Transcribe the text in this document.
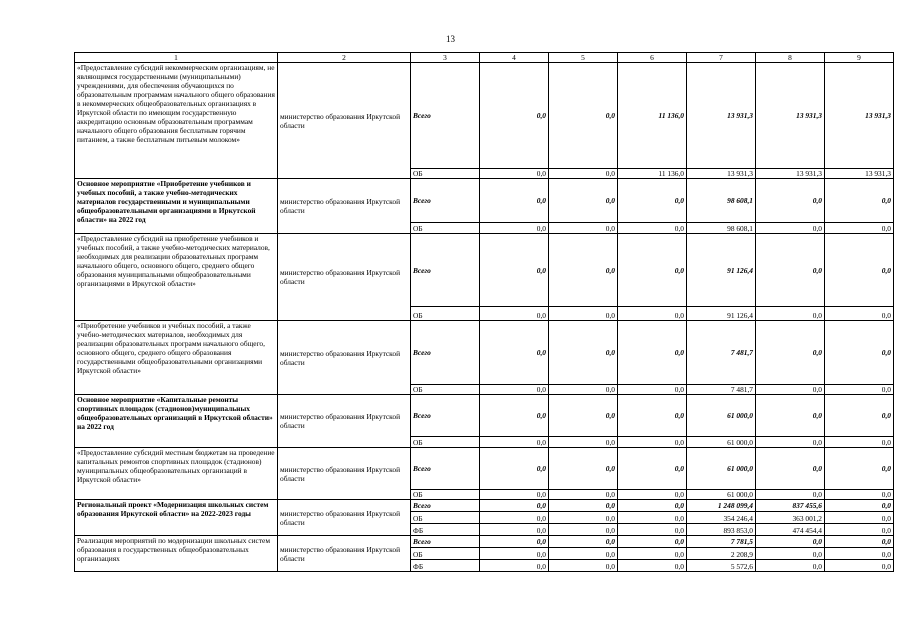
13
1	2	3	4	5	6	7	8	9
«Предоставление субсидий некоммерческим организациям, не являющимся государственными (муниципальными) учреждениями, для обеспечения обучающихся по образовательным программам начального общего образования в некоммерческих общеобразовательных организациях в Иркутской области по имеющим государственную аккредитацию основным образовательным программам начального общего образования бесплатным горячим питанием, а также бесплатным питьевым молоком»	министерство образования Иркутской области	Всего	0,0	0,0	11 136,0	13 931,3	13 931,3	13 931,3
		ОБ	0,0	0,0	11 136,0	13 931,3	13 931,3	13 931,3
Основное мероприятие «Приобретение учебников и учебных пособий, а также учебно-методических материалов государственными и муниципальными общеобразовательными организациями в Иркутской области» на 2022 год	министерство образования Иркутской области	Всего	0,0	0,0	0,0	98 608,1	0,0	0,0
		ОБ	0,0	0,0	0,0	98 608,1	0,0	0,0
«Предоставление субсидий на приобретение учебников и учебных пособий, а также учебно-методических материалов, необходимых для реализации образовательных программ начального общего, основного общего, среднего общего образования муниципальными общеобразовательными организациями в Иркутской области»	министерство образования Иркутской области	Всего	0,0	0,0	0,0	91 126,4	0,0	0,0
		ОБ	0,0	0,0	0,0	91 126,4	0,0	0,0
«Приобретение учебников и учебных пособий, а также учебно-методических материалов, необходимых для реализации образовательных программ начального общего, основного общего, среднего общего образования государственными общеобразовательными организациями Иркутской области»	министерство образования Иркутской области	Всего	0,0	0,0	0,0	7 481,7	0,0	0,0
		ОБ	0,0	0,0	0,0	7 481,7	0,0	0,0
Основное мероприятие «Капитальные ремонты спортивных площадок (стадионов)муниципальных общеобразовательных организаций в Иркутской области» на 2022 год	министерство образования Иркутской области	Всего	0,0	0,0	0,0	61 000,0	0,0	0,0
		ОБ	0,0	0,0	0,0	61 000,0	0,0	0,0
«Предоставление субсидий местным бюджетам на проведение капитальных ремонтов спортивных площадок (стадионов) муниципальных общеобразовательных организаций в Иркутской области»	министерство образования Иркутской области	Всего	0,0	0,0	0,0	61 000,0	0,0	0,0
		ОБ	0,0	0,0	0,0	61 000,0	0,0	0,0
Региональный проект «Модернизация школьных систем образования Иркутской области» на 2022-2023 годы	министерство образования Иркутской области	Всего	0,0	0,0	0,0	1 248 099,4	837 455,6	0,0
		ОБ	0,0	0,0	0,0	354 246,4	363 001,2	0,0
		ФБ	0,0	0,0	0,0	893 853,0	474 454,4	0,0
Реализация мероприятий по модернизации школьных систем образования в государственных общеобразовательных организациях	министерство образования Иркутской области	Всего	0,0	0,0	0,0	7 781,5	0,0	0,0
		ОБ	0,0	0,0	0,0	2 208,9	0,0	0,0
		ФБ	0,0	0,0	0,0	5 572,6	0,0	0,0
